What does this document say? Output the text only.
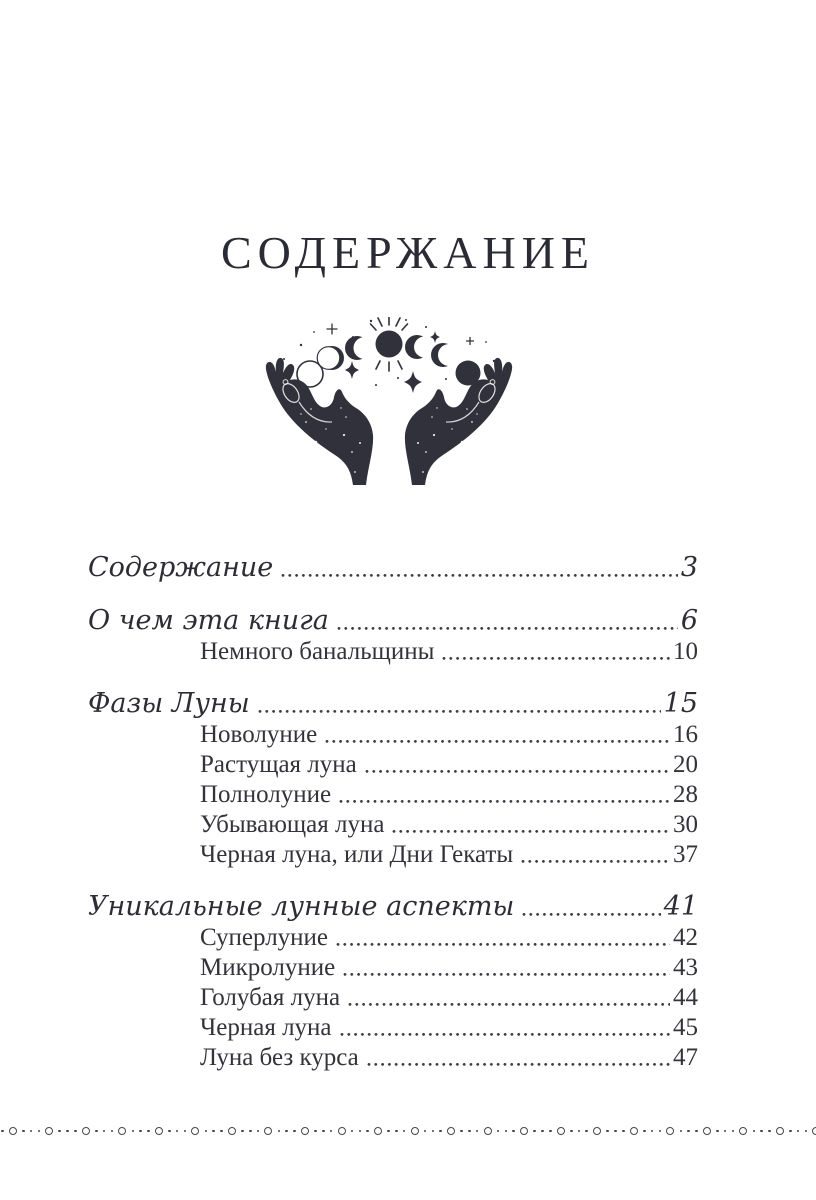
СОДЕРЖАНИЕ
Содержание	3
О чем эта книга	6
Немного банальщины	10
Фазы Луны	15
Новолуние	16
Растущая луна	20
Полнолуние	28
Убывающая луна	30
Черная луна, или Дни Гекаты	37
Уникальные лунные аспекты	41
Суперлуние	42
Микролуние	43
Голубая луна	44
Черная луна	45
Луна без курса	47
